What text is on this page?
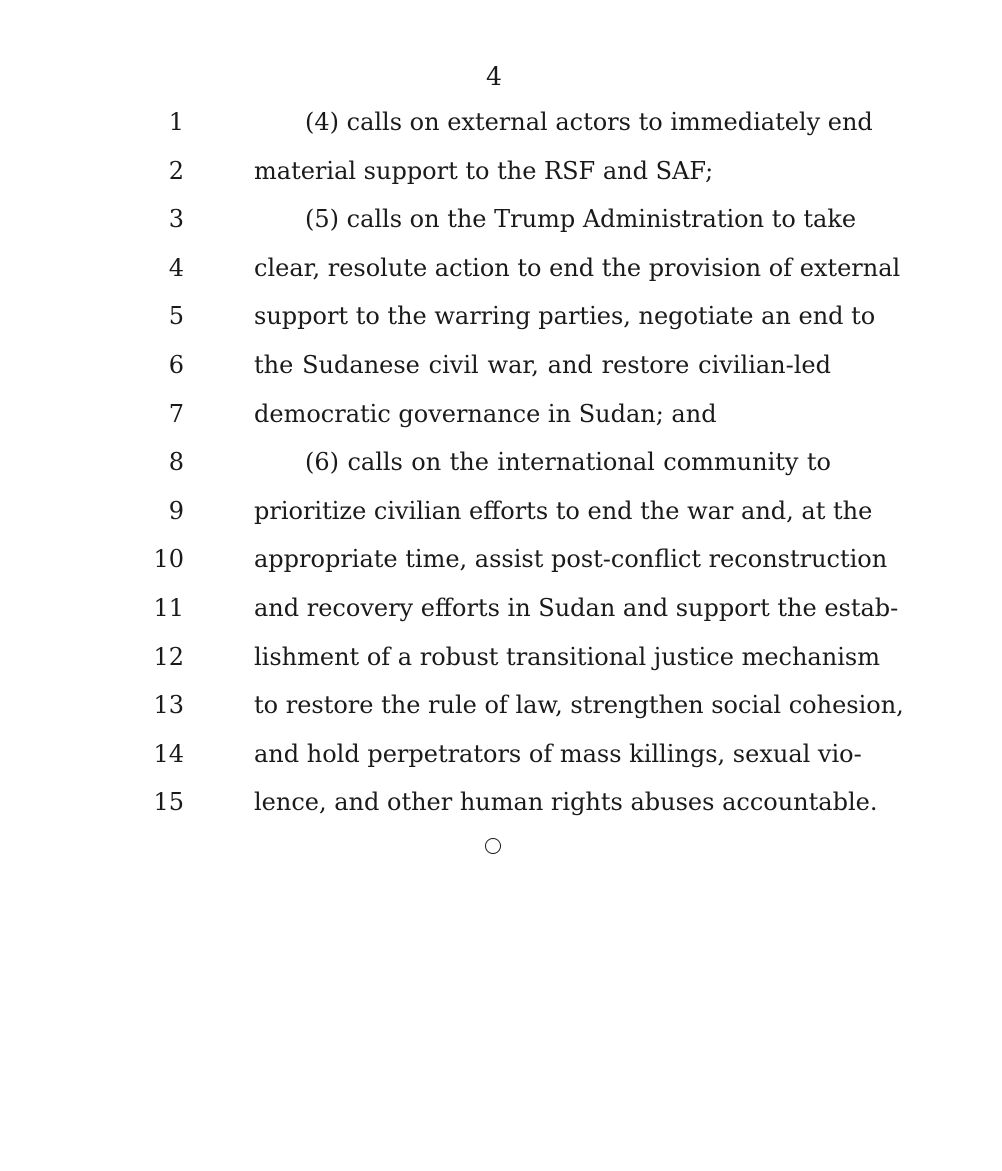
4
1	(4) calls on external actors to immediately end
2	material support to the RSF and SAF;
3	(5) calls on the Trump Administration to take
4	clear, resolute action to end the provision of external
5	support to the warring parties, negotiate an end to
6	the Sudanese civil war, and restore civilian-led
7	democratic governance in Sudan; and
8	(6) calls on the international community to
9	prioritize civilian efforts to end the war and, at the
10	appropriate time, assist post-conflict reconstruction
11	and recovery efforts in Sudan and support the estab-
12	lishment of a robust transitional justice mechanism
13	to restore the rule of law, strengthen social cohesion,
14	and hold perpetrators of mass killings, sexual vio-
15	lence, and other human rights abuses accountable.
